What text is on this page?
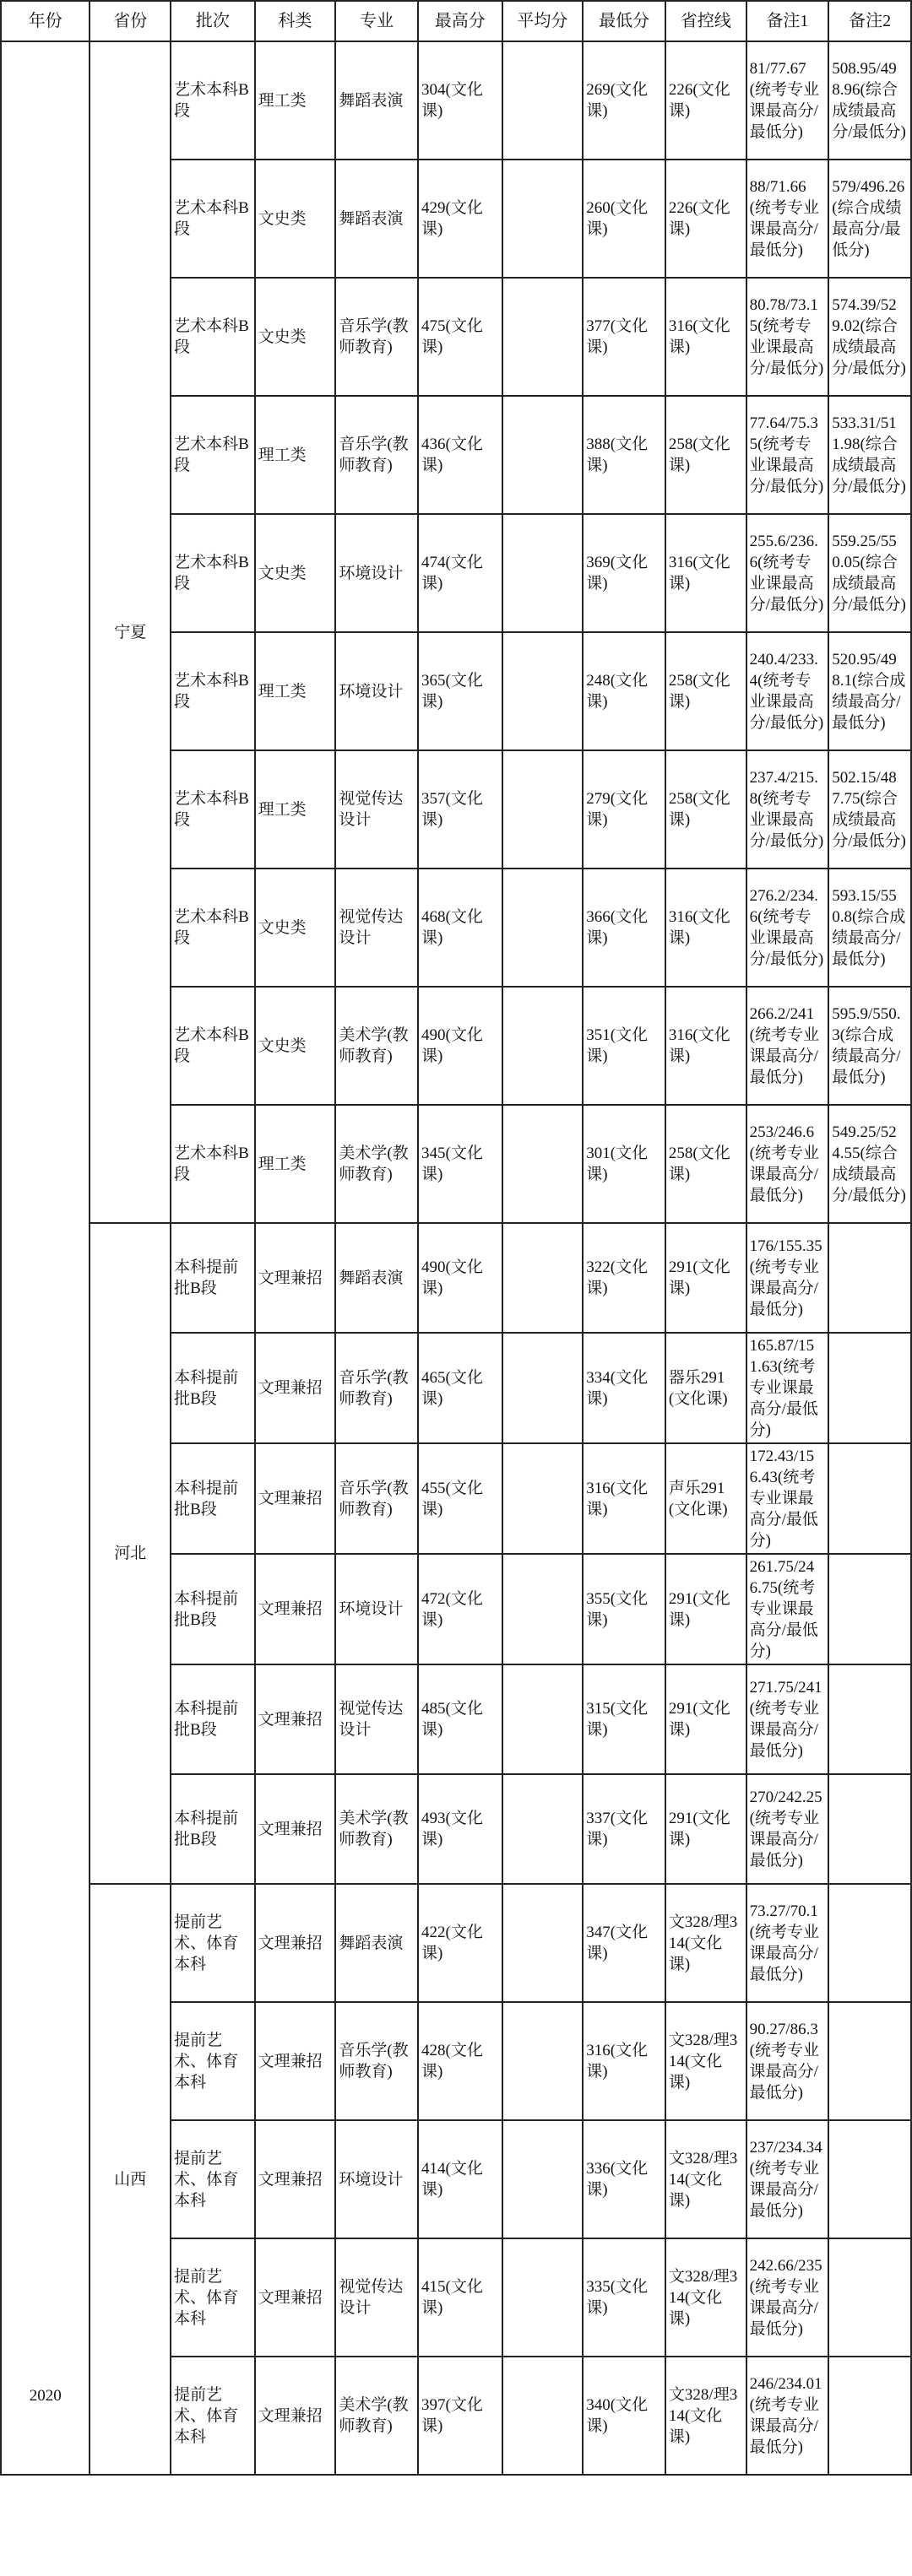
年份	省份	批次	科类	专业	最高分	平均分	最低分	省控线	备注1	备注2
2020	宁夏	艺术本科B段	理工类	舞蹈表演	304(文化课)		269(文化课)	226(文化课)	81/77.67(统考专业课最高分/最低分)	508.95/498.96(综合成绩最高分/最低分)
		艺术本科B段	文史类	舞蹈表演	429(文化课)		260(文化课)	226(文化课)	88/71.66(统考专业课最高分/最低分)	579/496.26(综合成绩最高分/最低分)
		艺术本科B段	文史类	音乐学(教师教育)	475(文化课)		377(文化课)	316(文化课)	80.78/73.15(统考专业课最高分/最低分)	574.39/529.02(综合成绩最高分/最低分)
		艺术本科B段	理工类	音乐学(教师教育)	436(文化课)		388(文化课)	258(文化课)	77.64/75.35(统考专业课最高分/最低分)	533.31/511.98(综合成绩最高分/最低分)
		艺术本科B段	文史类	环境设计	474(文化课)		369(文化课)	316(文化课)	255.6/236.6(统考专业课最高分/最低分)	559.25/550.05(综合成绩最高分/最低分)
		艺术本科B段	理工类	环境设计	365(文化课)		248(文化课)	258(文化课)	240.4/233.4(统考专业课最高分/最低分)	520.95/498.1(综合成绩最高分/最低分)
		艺术本科B段	理工类	视觉传达设计	357(文化课)		279(文化课)	258(文化课)	237.4/215.8(统考专业课最高分/最低分)	502.15/487.75(综合成绩最高分/最低分)
		艺术本科B段	文史类	视觉传达设计	468(文化课)		366(文化课)	316(文化课)	276.2/234.6(统考专业课最高分/最低分)	593.15/550.8(综合成绩最高分/最低分)
		艺术本科B段	文史类	美术学(教师教育)	490(文化课)		351(文化课)	316(文化课)	266.2/241(统考专业课最高分/最低分)	595.9/550.3(综合成绩最高分/最低分)
		艺术本科B段	理工类	美术学(教师教育)	345(文化课)		301(文化课)	258(文化课)	253/246.6(统考专业课最高分/最低分)	549.25/524.55(综合成绩最高分/最低分)
	河北	本科提前批B段	文理兼招	舞蹈表演	490(文化课)		322(文化课)	291(文化课)	176/155.35(统考专业课最高分/最低分)	
		本科提前批B段	文理兼招	音乐学(教师教育)	465(文化课)		334(文化课)	器乐291(文化课)	165.87/151.63(统考专业课最高分/最低分)	
		本科提前批B段	文理兼招	音乐学(教师教育)	455(文化课)		316(文化课)	声乐291(文化课)	172.43/156.43(统考专业课最高分/最低分)	
		本科提前批B段	文理兼招	环境设计	472(文化课)		355(文化课)	291(文化课)	261.75/246.75(统考专业课最高分/最低分)	
		本科提前批B段	文理兼招	视觉传达设计	485(文化课)		315(文化课)	291(文化课)	271.75/241(统考专业课最高分/最低分)	
		本科提前批B段	文理兼招	美术学(教师教育)	493(文化课)		337(文化课)	291(文化课)	270/242.25(统考专业课最高分/最低分)	
	山西	提前艺术、体育本科	文理兼招	舞蹈表演	422(文化课)		347(文化课)	文328/理314(文化课)	73.27/70.1(统考专业课最高分/最低分)	
		提前艺术、体育本科	文理兼招	音乐学(教师教育)	428(文化课)		316(文化课)	文328/理314(文化课)	90.27/86.3(统考专业课最高分/最低分)	
		提前艺术、体育本科	文理兼招	环境设计	414(文化课)		336(文化课)	文328/理314(文化课)	237/234.34(统考专业课最高分/最低分)	
		提前艺术、体育本科	文理兼招	视觉传达设计	415(文化课)		335(文化课)	文328/理314(文化课)	242.66/235(统考专业课最高分/最低分)	
		提前艺术、体育本科	文理兼招	美术学(教师教育)	397(文化课)		340(文化课)	文328/理314(文化课)	246/234.01(统考专业课最高分/最低分)	
